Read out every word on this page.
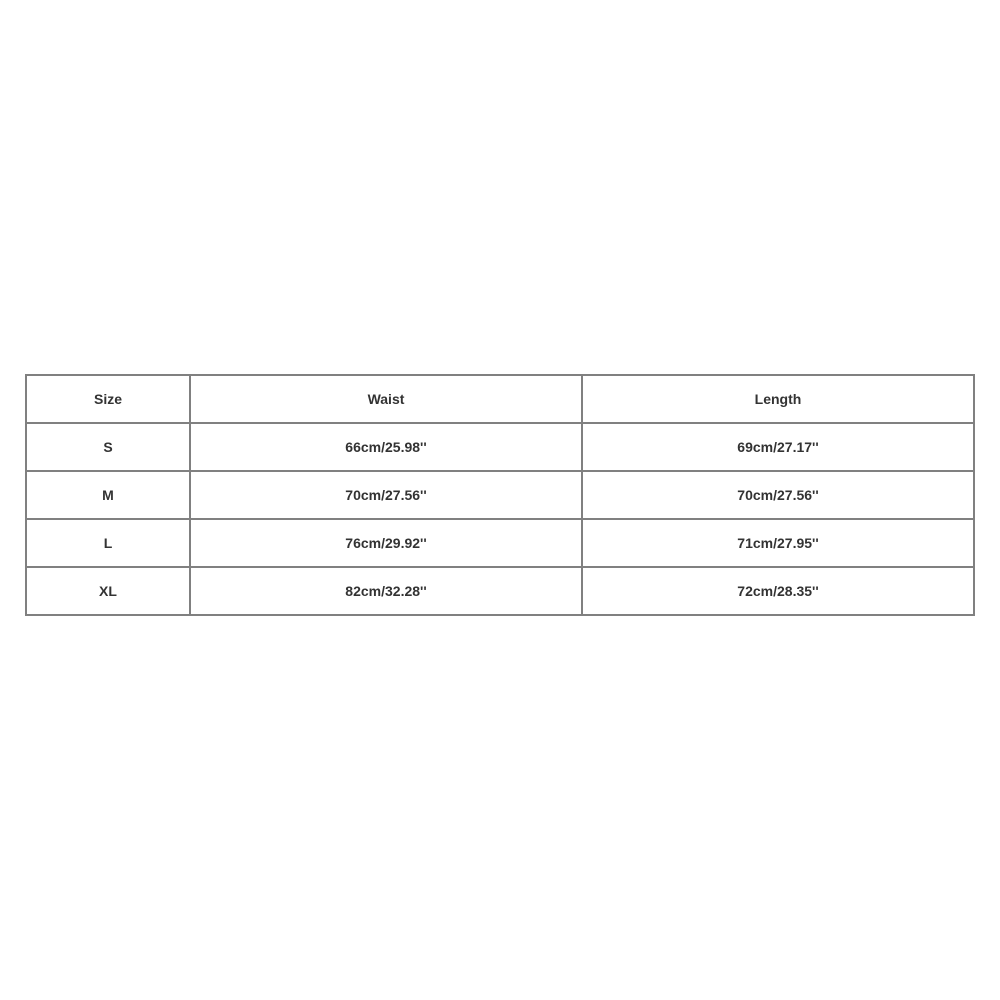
Size	Waist	Length
S	66cm/25.98''	69cm/27.17''
M	70cm/27.56''	70cm/27.56''
L	76cm/29.92''	71cm/27.95''
XL	82cm/32.28''	72cm/28.35''
